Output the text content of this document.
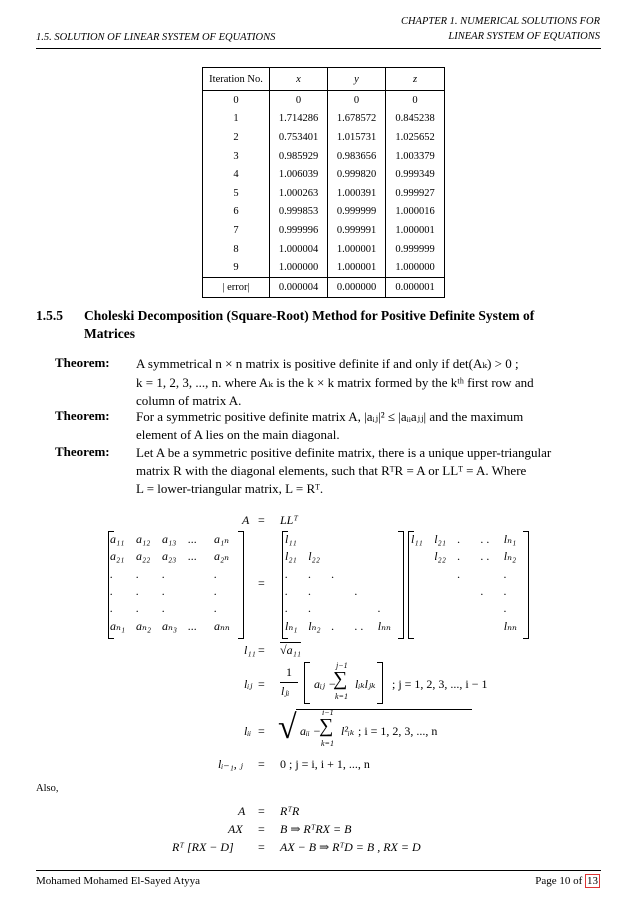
1.5. SOLUTION OF LINEAR SYSTEM OF EQUATIONS
CHAPTER 1. NUMERICAL SOLUTIONS FOR
LINEAR SYSTEM OF EQUATIONS
Iteration No.	x	y	z
0	0	0	0
1	1.714286	1.678572	0.845238
2	0.753401	1.015731	1.025652
3	0.985929	0.983656	1.003379
4	1.006039	0.999820	0.999349
5	1.000263	1.000391	0.999927
6	0.999853	0.999999	1.000016
7	0.999996	0.999991	1.000001
8	1.000004	1.000001	0.999999
9	1.000000	1.000001	1.000000
| error|	0.000004	0.000000	0.000001
1.5.5 Choleski Decomposition (Square-Root) Method for Positive Definite System of
Matrices
Theorem: A symmetrical n × n matrix is positive definite if and only if det(Aₖ) > 0 ;
k = 1, 2, 3, ..., n. where Aₖ is the k × k matrix formed by the kᵗʰ first row and
column of matrix A.
Theorem: For a symmetric positive definite matrix A, |aᵢⱼ|² ≤ |aᵢᵢaⱼⱼ| and the maximum
element of A lies on the main diagonal.
Theorem: Let A be a symmetric positive definite matrix, there is a unique upper-triangular
matrix R with the diagonal elements, such that RᵀR = A or LLᵀ = A. Where
L = lower-triangular matrix, L = Rᵀ.
A = LLᵀ
a₁₁ a₁₂ a₁₃ ... a₁ₙ
a₂₁ a₂₂ a₂₃ ... a₂ₙ
. . .	.
. . .	.
. . .	.
aₙ₁ aₙ₂ aₙ₃ ... aₙₙ
=
l₁₁
l₂₁ l₂₂
. . .
. .	.
. .	.
lₙ₁ lₙ₂ . . . lₙₙ
l₁₁ l₂₁ . . . lₙ₁
l₂₂ . . . lₙ₂
.	.
. .
.
lₙₙ
l₁₁ = √a₁₁
lᵢⱼ =
1
lⱼᵢ aᵢⱼ −
j−1
∑
k=1
lᵢₖlⱼₖ ; j = 1, 2, 3, ..., i − 1
lᵢᵢ = √ aᵢᵢ −
i−1
∑
k=1
l²ᵢₖ ; i = 1, 2, 3, ..., n
lᵢ₋₁, ⱼ = 0 ; j = i, i + 1, ..., n
Also,
A = RᵀR
AX = B ⇒ RᵀRX = B
Rᵀ [RX − D] = AX − B ⇒ RᵀD = B , RX = D
Mohamed Mohamed El-Sayed Atyya	Page 10 of 13
